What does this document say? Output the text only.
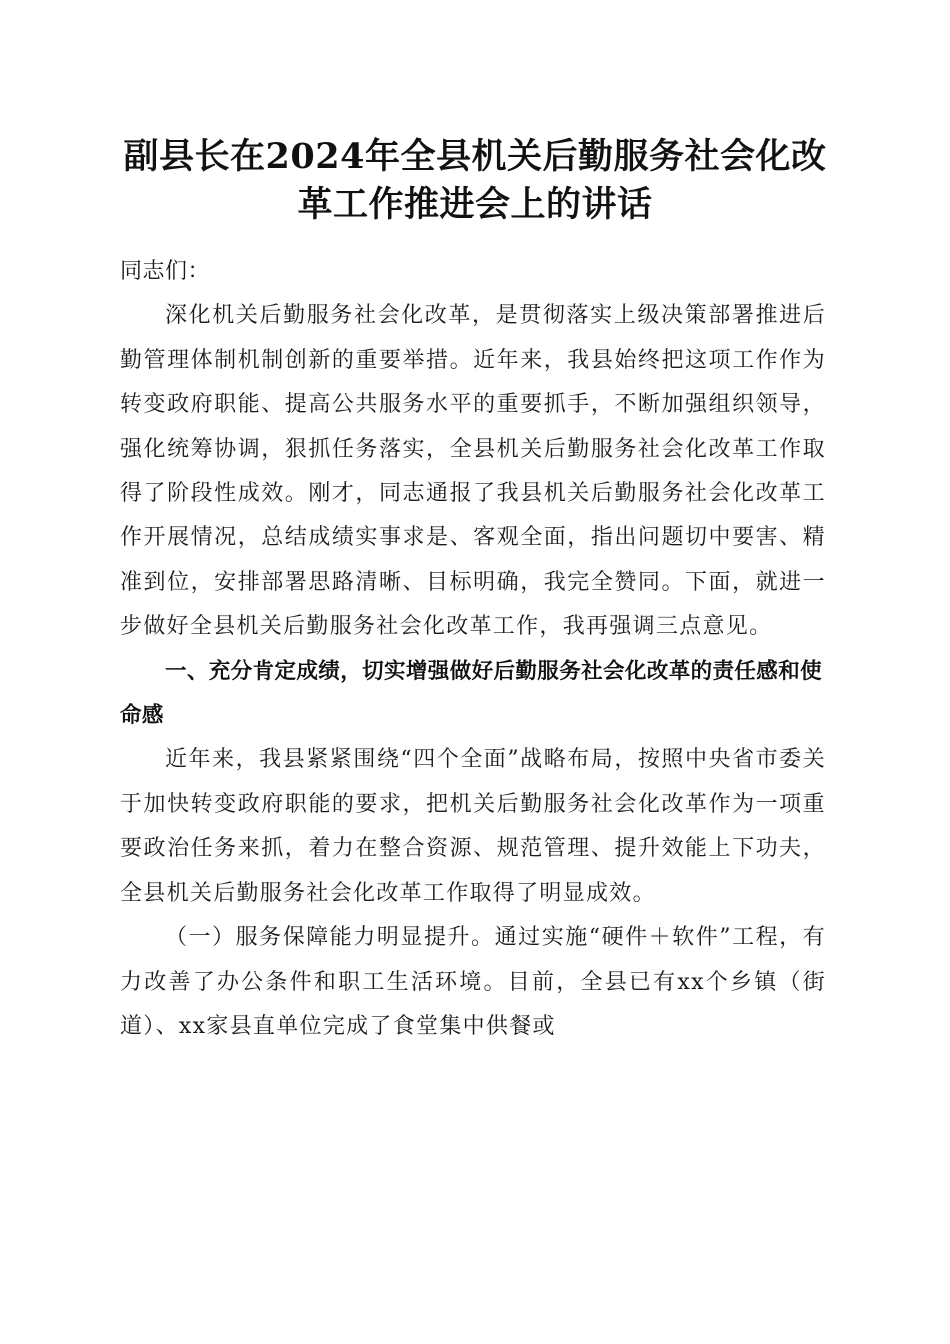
副县长在2024年全县机关后勤服务社会化改
革工作推进会上的讲话

同志们：

深化机关后勤服务社会化改革，是贯彻落实上级决策部署推进后勤管理体制机制创新的重要举措。近年来，我县始终把这项工作作为转变政府职能、提高公共服务水平的重要抓手，不断加强组织领导，强化统筹协调，狠抓任务落实，全县机关后勤服务社会化改革工作取得了阶段性成效。刚才，同志通报了我县机关后勤服务社会化改革工作开展情况，总结成绩实事求是、客观全面，指出问题切中要害、精准到位，安排部署思路清晰、目标明确，我完全赞同。下面，就进一步做好全县机关后勤服务社会化改革工作，我再强调三点意见。

一、充分肯定成绩，切实增强做好后勤服务社会化改革的责任感和使命感

近年来，我县紧紧围绕“四个全面”战略布局，按照中央省市委关于加快转变政府职能的要求，把机关后勤服务社会化改革作为一项重要政治任务来抓，着力在整合资源、规范管理、提升效能上下功夫，全县机关后勤服务社会化改革工作取得了明显成效。

（一）服务保障能力明显提升。通过实施“硬件＋软件”工程，有力改善了办公条件和职工生活环境。目前，全县已有xx个乡镇（街道）、xx家县直单位完成了食堂集中供餐或
